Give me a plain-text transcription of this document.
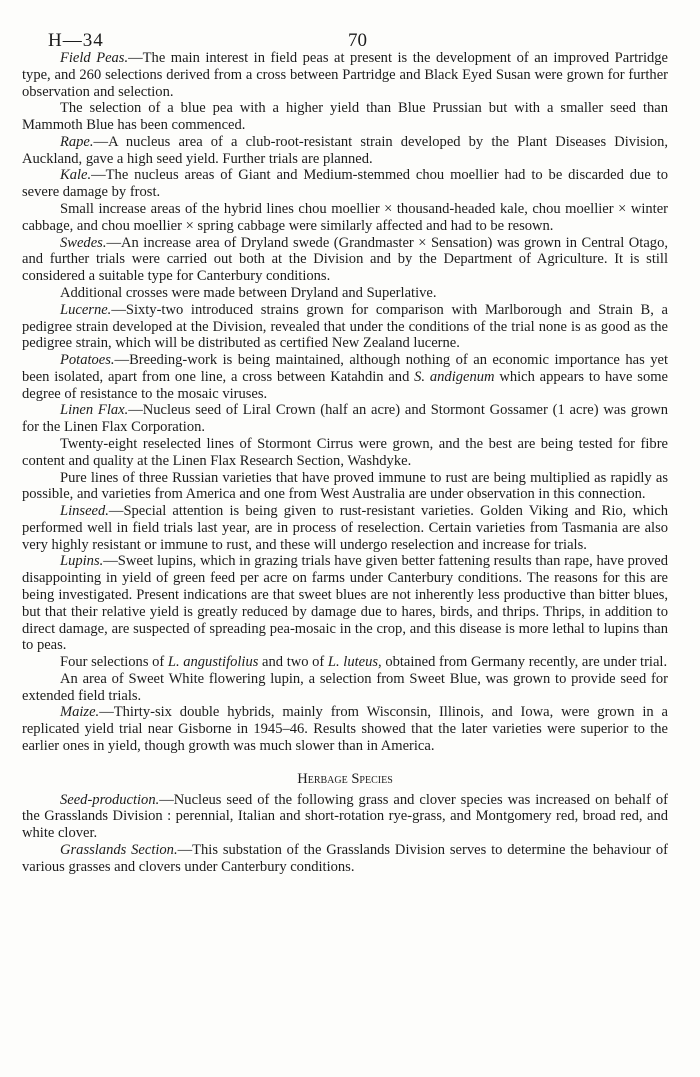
H—34	70

Field Peas.—The main interest in field peas at present is the development of an improved Partridge type, and 260 selections derived from a cross between Partridge and Black Eyed Susan were grown for further observation and selection.

The selection of a blue pea with a higher yield than Blue Prussian but with a smaller seed than Mammoth Blue has been commenced.

Rape.—A nucleus area of a club-root-resistant strain developed by the Plant Diseases Division, Auckland, gave a high seed yield. Further trials are planned.

Kale.—The nucleus areas of Giant and Medium-stemmed chou moellier had to be discarded due to severe damage by frost.

Small increase areas of the hybrid lines chou moellier × thousand-headed kale, chou moellier × winter cabbage, and chou moellier × spring cabbage were similarly affected and had to be resown.

Swedes.—An increase area of Dryland swede (Grandmaster × Sensation) was grown in Central Otago, and further trials were carried out both at the Division and by the Department of Agriculture. It is still considered a suitable type for Canterbury conditions.

Additional crosses were made between Dryland and Superlative.

Lucerne.—Sixty-two introduced strains grown for comparison with Marlborough and Strain B, a pedigree strain developed at the Division, revealed that under the conditions of the trial none is as good as the pedigree strain, which will be distributed as certified New Zealand lucerne.

Potatoes.—Breeding-work is being maintained, although nothing of an economic importance has yet been isolated, apart from one line, a cross between Katahdin and S. andigenum which appears to have some degree of resistance to the mosaic viruses.

Linen Flax.—Nucleus seed of Liral Crown (half an acre) and Stormont Gossamer (1 acre) was grown for the Linen Flax Corporation.

Twenty-eight reselected lines of Stormont Cirrus were grown, and the best are being tested for fibre content and quality at the Linen Flax Research Section, Washdyke.

Pure lines of three Russian varieties that have proved immune to rust are being multiplied as rapidly as possible, and varieties from America and one from West Australia are under observation in this connection.

Linseed.—Special attention is being given to rust-resistant varieties. Golden Viking and Rio, which performed well in field trials last year, are in process of reselection. Certain varieties from Tasmania are also very highly resistant or immune to rust, and these will undergo reselection and increase for trials.

Lupins.—Sweet lupins, which in grazing trials have given better fattening results than rape, have proved disappointing in yield of green feed per acre on farms under Canterbury conditions. The reasons for this are being investigated. Present indications are that sweet blues are not inherently less productive than bitter blues, but that their relative yield is greatly reduced by damage due to hares, birds, and thrips. Thrips, in addition to direct damage, are suspected of spreading pea-mosaic in the crop, and this disease is more lethal to lupins than to peas.

Four selections of L. angustifolius and two of L. luteus, obtained from Germany recently, are under trial.

An area of Sweet White flowering lupin, a selection from Sweet Blue, was grown to provide seed for extended field trials.

Maize.—Thirty-six double hybrids, mainly from Wisconsin, Illinois, and Iowa, were grown in a replicated yield trial near Gisborne in 1945–46. Results showed that the later varieties were superior to the earlier ones in yield, though growth was much slower than in America.

Herbage Species

Seed-production.—Nucleus seed of the following grass and clover species was increased on behalf of the Grasslands Division : perennial, Italian and short-rotation rye-grass, and Montgomery red, broad red, and white clover.

Grasslands Section.—This substation of the Grasslands Division serves to determine the behaviour of various grasses and clovers under Canterbury conditions.
